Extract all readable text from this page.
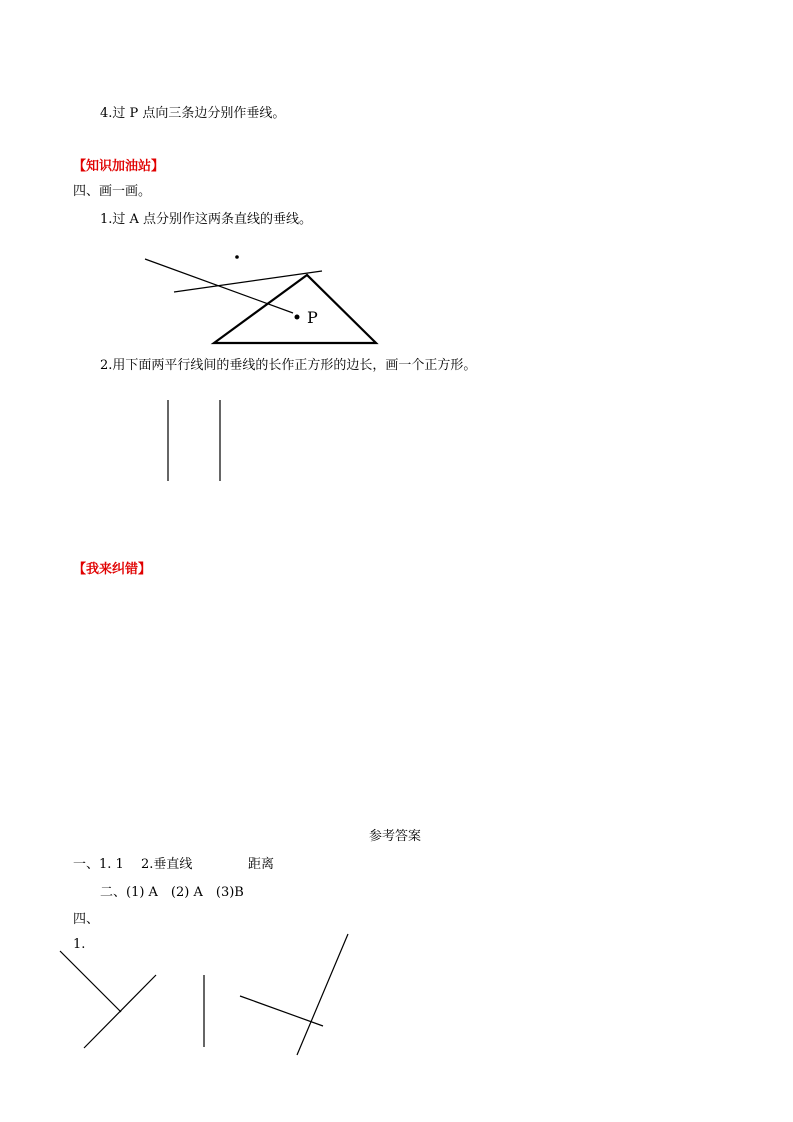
4.过 P 点向三条边分别作垂线。
【知识加油站】
四、画一画。
1.过 A 点分别作这两条直线的垂线。
P
2.用下面两平行线间的垂线的长作正方形的边长，画一个正方形。
【我来纠错】
参考答案
一、1. 1 2.垂直线	距离
二、(1) A　(2) A　(3)B
四、
1.
